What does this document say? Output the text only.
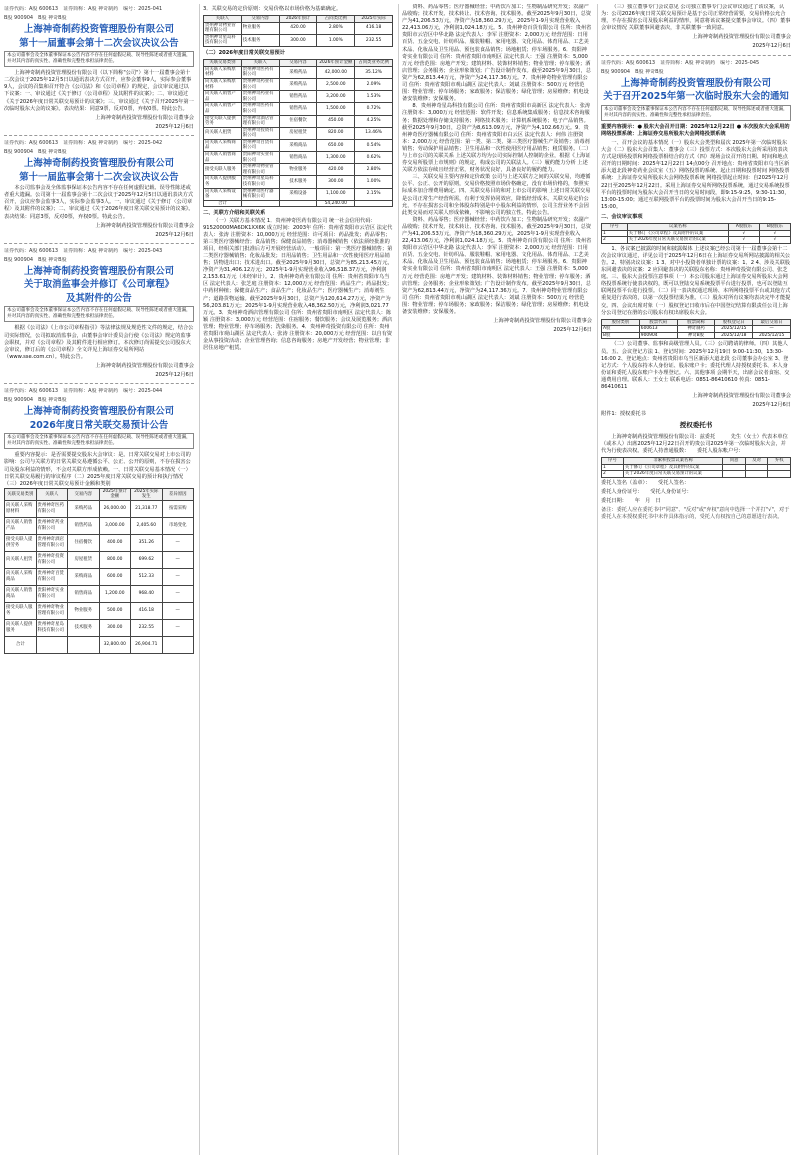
证券代码：A股 600613　证券简称：A股 神奇制药　编号：2025-041
B股 900904　B股 神奇B股
上海神奇制药投资管理股份有限公司
第十一届董事会第十二次会议决议公告
本公司董事会及全体董事保证本公告内容不存在任何虚假记载、误导性陈述或者重大遗漏，并对其内容的真实性、准确性和完整性承担法律责任。

上海神奇制药投资管理股份有限公司（以下简称"公司"）第十一届董事会第十二次会议于2025年12月5日以通讯表决方式召开，应参会董事9人，实际参会董事9人，会议的召集和召开符合《公司法》和《公司章程》的规定，会议审议通过以下议案：一、审议通过《关于修订〈公司章程〉及其附件的议案》；二、审议通过《关于2026年度日常关联交易预计的议案》；三、审议通过《关于召开2025年第一次临时股东大会的议案》。表决结果：同意9票，反对0票，弃权0票。特此公告。

上海神奇制药投资管理股份有限公司董事会
2025年12月6日
证券代码：A股 600613　证券简称：A股 神奇制药　编号：2025-042
B股 900904　B股 神奇B股
上海神奇制药投资管理股份有限公司
第十一届监事会第十二次会议决议公告

本公司监事会及全体监事保证本公告内容不存在任何虚假记载、误导性陈述或者重大遗漏。公司第十一届监事会第十二次会议于2025年12月5日以通讯表决方式召开，会议应参会监事3人，实际参会监事3人。一、审议通过《关于修订〈公司章程〉及其附件的议案》；二、审议通过《关于2026年度日常关联交易预计的议案》。表决结果：同意3票，反对0票，弃权0票。特此公告。

上海神奇制药投资管理股份有限公司董事会
2025年12月6日
证券代码：A股 600613　证券简称：A股 神奇制药　编号：2025-043
B股 900904　B股 神奇B股
上海神奇制药投资管理股份有限公司
关于取消监事会并修订《公司章程》
及其附件的公告
本公司董事会及全体董事保证本公告内容不存在任何虚假记载、误导性陈述或者重大遗漏，并对其内容的真实性、准确性和完整性承担法律责任。

根据《公司法》《上市公司章程指引》等法律法规及规范性文件的规定，结合公司实际情况，公司拟取消监事会，由董事会审计委员会行使《公司法》规定的监事会职权，并对《公司章程》及其附件进行相应修订。本次修订尚需提交公司股东大会审议，修订后的《公司章程》全文详见上海证券交易所网站（www.sse.com.cn）。特此公告。

上海神奇制药投资管理股份有限公司董事会
2025年12月6日
证券代码：A股 600613　证券简称：A股 神奇制药　编号：2025-044
B股 900904　B股 神奇B股
上海神奇制药投资管理股份有限公司
2026年度日常关联交易预计公告
本公司董事会及全体董事保证本公告内容不存在任何虚假记载、误导性陈述或者重大遗漏，并对其内容的真实性、准确性和完整性承担法律责任。

重要内容提示：是否需要提交股东大会审议：是。日常关联交易对上市公司的影响：公司与关联方的日常关联交易遵循公平、公正、公开的原则，不存在损害公司及股东利益的情形，不会对关联方形成依赖。一、日常关联交易基本情况（一）日常关联交易履行的审议程序（二）2025年度日常关联交易的预计和执行情况（三）2026年度日常关联交易预计金额和类别

关联交易类别	关联人	交易内容	2025年预计金额	2025年实际发生	差异原因
向关联人采购原材料	贵州神奇医药有限公司	采购药品	26,000.00	21,318.77	按需采购
向关联人销售产品	贵州神奇药业有限公司	销售药品	3,000.00	2,405.60	市场变化
接受关联人提供劳务	贵州神奇酒店管理有限公司	住宿餐饮	400.00	351.26	—
向关联人租赁	贵州神奇投资有限公司	房屋租赁	800.00	699.62	—
向关联人采购商品	贵州神奇百货有限公司	采购商品	600.00	512.33	—
向关联人销售商品	贵阳神奇实业有限公司	销售商品	1,200.00	968.40	—
接受关联人服务	贵州神奇物业管理有限公司	物业服务	500.00	416.18	—
向关联人提供服务	贵州神奇星岛科技有限公司	技术服务	300.00	232.55	—
合计			32,800.00	26,904.71	
3．关联交易的定价原则：交易价格以市场价格为基础确定。
关联人	交易内容	2026年预计	占同类比例	2025年实际
贵州神奇物业管理有限公司	物业服务	420.00	2.80%	416.18
贵州神奇星岛科技有限公司	技术服务	300.00	1.00%	232.55
（二）2026年度日常关联交易预计
关联交易类别	关联人	交易内容	2026年预计金额	占同类业务比例
向关联人采购原材料	贵州神奇医药有限公司	采购药品	42,000.00	35.12%
向关联人采购原材料	贵州神奇药业有限公司	采购药品	2,500.00	2.09%
向关联人销售产品	贵州神奇药业有限公司	销售药品	3,200.00	1.53%
向关联人销售产品	贵州神奇医药有限公司	销售药品	1,500.00	0.72%
接受关联人提供劳务	贵州神奇酒店管理有限公司	住宿餐饮	450.00	4.25%
向关联人租赁	贵州神奇投资有限公司	房屋租赁	820.00	13.46%
向关联人采购商品	贵州神奇百货有限公司	采购商品	650.00	0.54%
向关联人销售商品	贵阳神奇实业有限公司	销售商品	1,300.00	0.62%
接受关联人服务	贵州神奇物业管理有限公司	物业服务	420.00	2.80%
向关联人提供服务	贵州神奇星岛科技有限公司	技术服务	300.00	1.00%
向关联人采购设备	贵州神奇医疗器械有限公司	采购设备	1,100.00	2.15%
合计			54,240.00	
二、关联方介绍和关联关系

（一）关联方基本情况 1．贵州神奇医药有限公司 统一社会信用代码：91520000MA6DK1XX6K 成立时间：2003年 住所：贵州省贵阳市云岩区 法定代表人：张涛 注册资本：10,000万元 经营范围：许可项目：药品批发；药品零售；第三类医疗器械经营；食品销售；保健食品销售；消毒器械销售（依法须经批准的项目，经相关部门批准后方可开展经营活动）。一般项目：第一类医疗器械销售；第二类医疗器械销售；化妆品批发；日用品销售；卫生用品和一次性使用医疗用品销售；货物进出口；技术进出口。截至2025年9月30日，总资产为85,213.45万元，净资产为31,406.12万元；2025年1-9月实现营业收入96,518.37万元，净利润2,153.61万元（未经审计）。2．贵州神奇药业有限公司 住所：贵州省贵阳市乌当区 法定代表人：张芝庭 注册资本：12,000万元 经营范围：药品生产；药品批发；中药材种植；保健食品生产；食品生产；化妆品生产；医疗器械生产；消毒剂生产；道路货物运输。截至2025年9月30日，总资产为120,614.27万元，净资产为56,203.81万元；2025年1-9月实现营业收入48,362.50万元，净利润3,021.77万元。3．贵州神奇酒店管理有限公司 住所：贵州省贵阳市南明区 法定代表人：陈颖 注册资本：3,000万元 经营范围：住宿服务；餐饮服务；会议及展览服务；酒店管理；物业管理；停车场服务；洗染服务。4．贵州神奇投资有限公司 住所：贵州省贵阳市观山湖区 法定代表人：张涛 注册资本：20,000万元 经营范围：以自有资金从事投资活动；企业管理咨询；信息咨询服务；房地产开发经营；物业管理；非居住房地产租赁。

资料、药品零售；医疗器械经营；中药饮片加工；生物制品研究开发；农副产品收购；技术开发、技术转让、技术咨询、技术服务。截至2025年9月30日，总资产为41,206.53万元，净资产为18,360.29万元，2025年1-9月实现营业收入22,413.06万元，净利润1,024.18万元。5．贵州神奇百货有限公司 住所：贵州省贵阳市云岩区中华北路 法定代表人：李军 注册资本：2,000万元 经营范围：日用百货、五金交电、针纺织品、服装鞋帽、家用电器、文化用品、体育用品、工艺美术品、化妆品及卫生用品、预包装食品销售；场地租赁；停车场服务。6．贵阳神奇实业有限公司 住所：贵州省贵阳市南明区 法定代表人：王强 注册资本：5,000万元 经营范围：房地产开发；建筑材料、装饰材料销售；物业管理；停车服务；酒店管理；会务服务；企业形象策划；广告设计制作发布。截至2025年9月30日，总资产为62,813.44万元，净资产为24,117.36万元。7．贵州神奇物业管理有限公司 住所：贵州省贵阳市观山湖区 法定代表人：刘斌 注册资本：500万元 经营范围：物业管理；停车场服务；家政服务；保洁服务；绿化管理；房屋维修；机电设备安装维修；安保服务。

8．贵州神奇星岛科技有限公司 住所：贵州省贵阳市高新区 法定代表人：张涛 注册资本：3,000万元 经营范围：软件开发；信息系统集成服务；信息技术咨询服务；数据处理和存储支持服务；网络技术服务；计算机系统服务；电子产品销售。截至2025年9月30日，总资产为8,613.09万元，净资产为4,102.66万元。9．贵州神奇医疗器械有限公司 住所：贵州省贵阳市白云区 法定代表人：何伟 注册资本：2,000万元 经营范围：第一类、第二类、第三类医疗器械生产及销售；消毒剂销售；劳动保护用品销售；卫生用品和一次性使用医疗用品销售；租赁服务。（二）与上市公司的关联关系 上述关联方均为公司实际控制人控制的企业，根据《上海证券交易所股票上市规则》的规定，构成公司的关联法人。（三）履约能力分析 上述关联方依法存续且经营正常，财务状况良好，具备良好的履约能力。

三、关联交易主要内容和定价政策 公司与上述关联方之间的关联交易，均遵循公平、公正、公开的原则，交易价格按照市场价格确定，没有市场价格的，参照实际成本加合理费用确定。四、关联交易目的和对上市公司的影响 上述日常关联交易是公司正常生产经营所需，有利于发挥协同效应，降低经营成本。关联交易定价公允，不存在损害公司和全体股东特别是中小股东利益的情形，公司主营业务不会因此类交易而对关联人形成依赖，不影响公司的独立性。特此公告。

资料、药品零售；医疗器械经营；中药饮片加工；生物制品研究开发；农副产品收购；技术开发、技术转让、技术咨询、技术服务。截至2025年9月30日，总资产为41,206.53万元，净资产为18,360.29万元，2025年1-9月实现营业收入22,413.06万元，净利润1,024.18万元。5．贵州神奇百货有限公司 住所：贵州省贵阳市云岩区中华北路 法定代表人：李军 注册资本：2,000万元 经营范围：日用百货、五金交电、针纺织品、服装鞋帽、家用电器、文化用品、体育用品、工艺美术品、化妆品及卫生用品、预包装食品销售；场地租赁；停车场服务。6．贵阳神奇实业有限公司 住所：贵州省贵阳市南明区 法定代表人：王强 注册资本：5,000万元 经营范围：房地产开发；建筑材料、装饰材料销售；物业管理；停车服务；酒店管理；会务服务；企业形象策划；广告设计制作发布。截至2025年9月30日，总资产为62,813.44万元，净资产为24,117.36万元。7．贵州神奇物业管理有限公司 住所：贵州省贵阳市观山湖区 法定代表人：刘斌 注册资本：500万元 经营范围：物业管理；停车场服务；家政服务；保洁服务；绿化管理；房屋维修；机电设备安装维修；安保服务。

上海神奇制药投资管理股份有限公司董事会
2025年12月6日

（三）独立董事专门会议意见 公司独立董事专门会议审议通过了该议案，认为：公司2026年度日常关联交易预计是基于公司正常经营需要，交易价格公允合理，不存在损害公司及股东利益的情形，同意将该议案提交董事会审议。（四）董事会审议情况 关联董事回避表决，非关联董事一致同意。

上海神奇制药投资管理股份有限公司董事会
2025年12月6日
证券代码：A股 600613　证券简称：A股 神奇制药　编号：2025-045
B股 900904　B股 神奇B股
上海神奇制药投资管理股份有限公司
关于召开2025年第一次临时股东大会的通知
本公司董事会及全体董事保证本公告内容不存在任何虚假记载、误导性陈述或者重大遗漏，并对其内容的真实性、准确性和完整性承担法律责任。
重要内容提示：● 股东大会召开日期：2025年12月22日 ● 本次股东大会采用的网络投票系统：上海证券交易所股东大会网络投票系统

一、召开会议的基本情况（一）股东大会类型和届次 2025年第一次临时股东大会（二）股东大会召集人：董事会（三）投票方式：本次股东大会所采用的表决方式是现场投票和网络投票相结合的方式（四）现场会议召开的日期、时间和地点 召开的日期时间：2025年12月22日 14点00分 召开地点：贵州省贵阳市乌当区新添大道北段神奇药业会议室（五）网络投票的系统、起止日期和投票时间 网络投票系统：上海证券交易所股东大会网络投票系统 网络投票起止时间：自2025年12月22日至2025年12月22日。采用上海证券交易所网络投票系统，通过交易系统投票平台的投票时间为股东大会召开当日的交易时间段，即9:15-9:25，9:30-11:30，13:00-15:00；通过互联网投票平台的投票时间为股东大会召开当日的9:15-15:00。

二、会议审议事项
序号	议案名称	A股股东	B股股东
1	关于修订《公司章程》及其附件的议案	√	√
2	关于2026年度日常关联交易预计的议案	√	√

1、各议案已披露的时间和披露媒体 上述议案已经公司第十一届董事会第十二次会议审议通过，详见公司于2025年12月6日在上海证券交易所网站披露的相关公告。2、特别决议议案：1 3、对中小投资者单独计票的议案：1、2 4、涉及关联股东回避表决的议案：2 应回避表决的关联股东名称：贵州神奇投资有限公司、张芝庭。三、股东大会投票注意事项（一）本公司股东通过上海证券交易所股东大会网络投票系统行使表决权的，既可以登陆交易系统投票平台进行投票，也可以登陆互联网投票平台进行投票。（二）同一表决权通过现场、本所网络投票平台或其他方式重复进行表决的，以第一次投票结果为准。（三）股东对所有议案均表决完毕才能提交。四、会议出席对象（一）股权登记日收市后在中国登记结算有限责任公司上海分公司登记在册的公司股东有权出席股东大会。

股份类别	股票代码	股票简称	股权登记日	最后交易日
A股	600613	神奇制药	2025/12/15	—
B股	900904	神奇B股	2025/12/18	2025/12/15

（二）公司董事、监事和高级管理人员。（三）公司聘请的律师。（四）其他人员。五、会议登记方法 1、登记时间：2025年12月19日 9:00-11:30，13:30-16:00 2、登记地点：贵州省贵阳市乌当区新添大道北段 公司董事会办公室 3、登记方式：个人股东持本人身份证、股东账户卡；委托代理人持授权委托书、本人身份证和委托人股东账户卡办理登记。六、其他事项 会期半天，出席会议者食宿、交通费用自理。联系人：王女士 联系电话：0851-86410610 传真：0851-86410611

上海神奇制药投资管理股份有限公司董事会
2025年12月6日
附件1：授权委托书
授权委托书

上海神奇制药投资管理股份有限公司：兹委托　　　先生（女士）代表本单位（或本人）出席2025年12月22日召开的贵公司2025年第一次临时股东大会，并代为行使表决权。委托人持普通股数：　　委托人股东帐户号：

序号	非累积投票议案名称	同意	反对	弃权
1	关于修订《公司章程》及其附件的议案			
2	关于2026年度日常关联交易预计的议案			
委托人签名（盖章）：　　受托人签名：
委托人身份证号：　　受托人身份证号：
委托日期：　　年　月　日
备注：委托人应在委托书中"同意"、"反对"或"弃权"意向中选择一个并打"√"，对于委托人在本授权委托书中未作具体指示的，受托人有权按自己的意愿进行表决。
